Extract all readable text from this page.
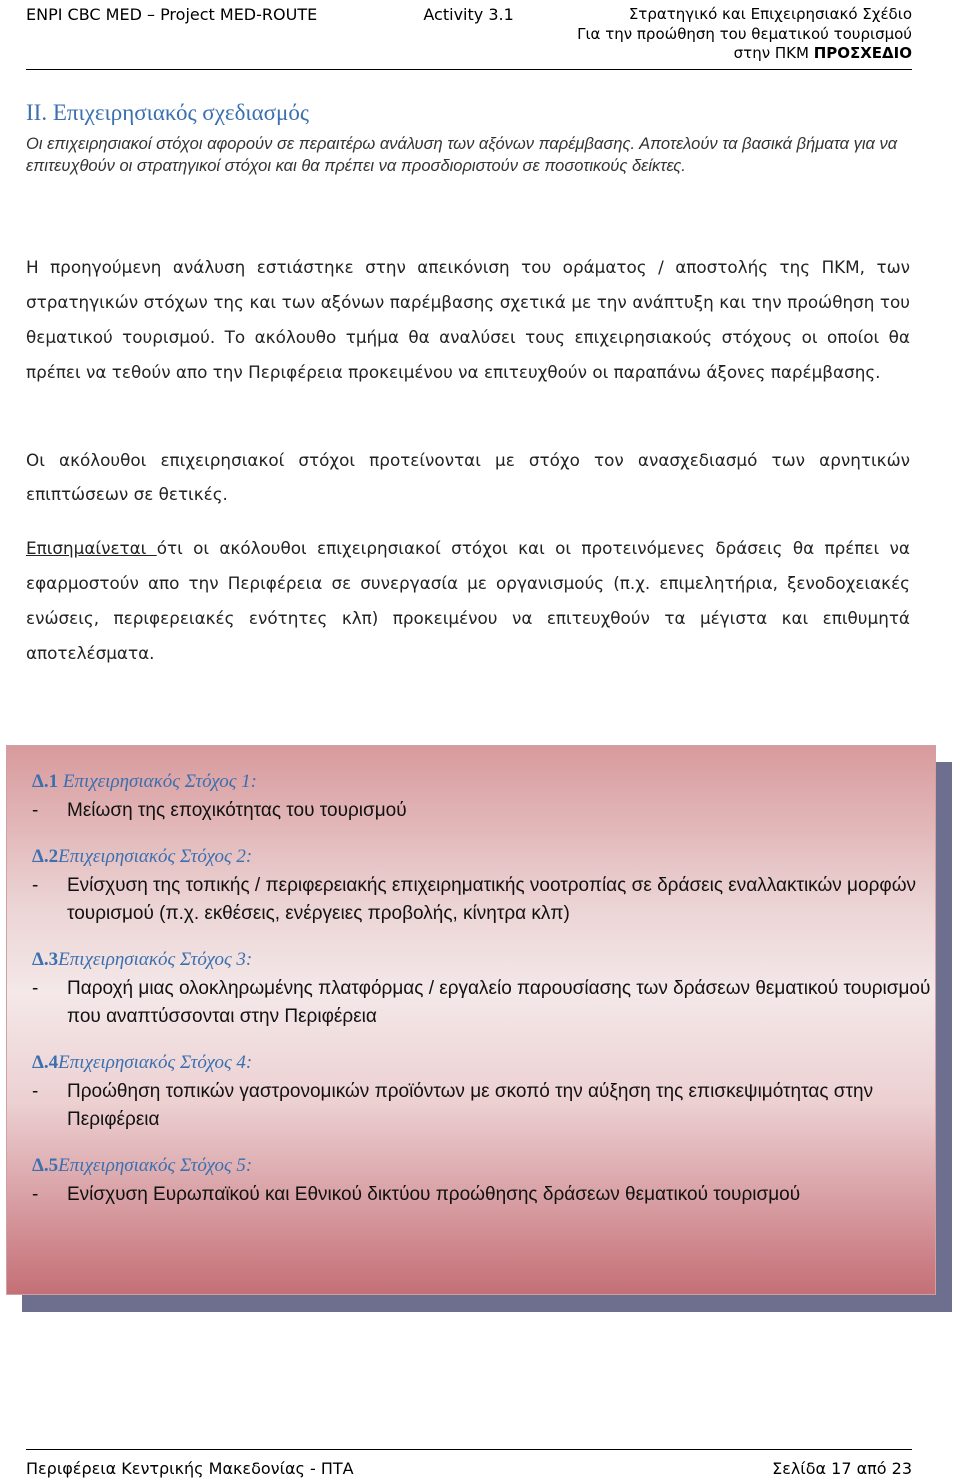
ENPI CBC MED – Project MED-ROUTE	Activity 3.1	Στρατηγικό και Επιχειρησιακό Σχέδιο
Για την προώθηση του θεματικού τουρισμού
στην ΠΚΜ ΠΡΟΣΧΕΔΙΟ
II. Επιχειρησιακός σχεδιασμός
Οι επιχειρησιακοί στόχοι αφορούν σε περαιτέρω ανάλυση των αξόνων παρέμβασης. Αποτελούν τα βασικά βήματα για να επιτευχθούν οι στρατηγικοί στόχοι και θα πρέπει να προσδιοριστούν σε ποσοτικούς δείκτες.
Η προηγούμενη ανάλυση εστιάστηκε στην απεικόνιση του οράματος / αποστολής της ΠΚΜ, των στρατηγικών στόχων της και των αξόνων παρέμβασης σχετικά με την ανάπτυξη και την προώθηση του θεματικού τουρισμού. Το ακόλουθο τμήμα θα αναλύσει τους επιχειρησιακούς στόχους οι οποίοι θα πρέπει να τεθούν απο την Περιφέρεια προκειμένου να επιτευχθούν οι παραπάνω άξονες παρέμβασης.
Οι ακόλουθοι επιχειρησιακοί στόχοι προτείνονται με στόχο τον ανασχεδιασμό των αρνητικών επιπτώσεων σε θετικές.
Επισημαίνεται ότι οι ακόλουθοι επιχειρησιακοί στόχοι και οι προτεινόμενες δράσεις θα πρέπει να εφαρμοστούν απο την Περιφέρεια σε συνεργασία με οργανισμούς (π.χ. επιμελητήρια, ξενοδοχειακές ενώσεις, περιφερειακές ενότητες κλπ) προκειμένου να επιτευχθούν τα μέγιστα και επιθυμητά αποτελέσματα.
Δ.1 Επιχειρησιακός Στόχος 1:
- Μείωση της εποχικότητας του τουρισμού
Δ.2Επιχειρησιακός Στόχος 2:
- Ενίσχυση της τοπικής / περιφερειακής επιχειρηματικής νοοτροπίας σε δράσεις εναλλακτικών μορφών τουρισμού (π.χ. εκθέσεις, ενέργειες προβολής, κίνητρα κλπ)
Δ.3Επιχειρησιακός Στόχος 3:
- Παροχή μιας ολοκληρωμένης πλατφόρμας / εργαλείο παρουσίασης των δράσεων θεματικού τουρισμού που αναπτύσσονται στην Περιφέρεια
Δ.4Επιχειρησιακός Στόχος 4:
- Προώθηση τοπικών γαστρονομικών προϊόντων με σκοπό την αύξηση της επισκεψιμότητας στην Περιφέρεια
Δ.5Επιχειρησιακός Στόχος 5:
- Ενίσχυση Ευρωπαϊκού και Εθνικού δικτύου προώθησης δράσεων θεματικού τουρισμού
Περιφέρεια Κεντρικής Μακεδονίας - ΠΤΑ	Σελίδα 17 από 23
